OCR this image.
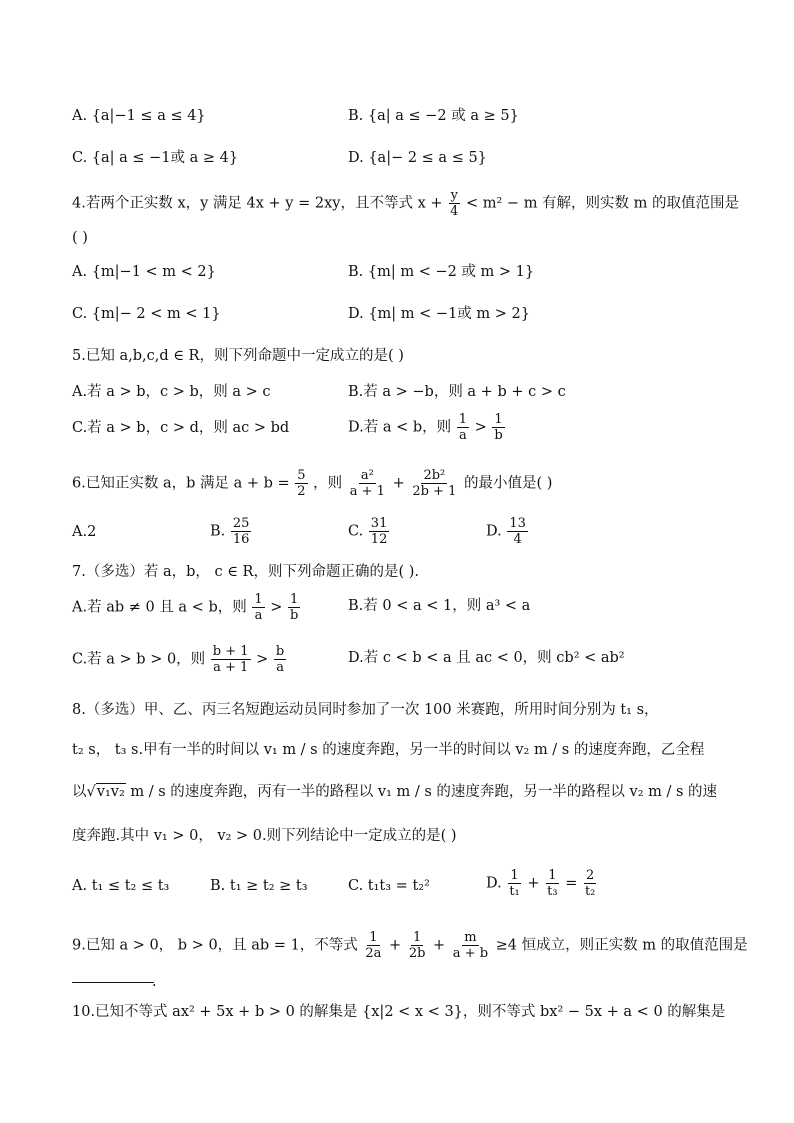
A. {a|−1 ≤ a ≤ 4}	B. {a| a ≤ −2 或 a ≥ 5}
C. {a| a ≤ −1或 a ≥ 4}	D. {a|− 2 ≤ a ≤ 5}
4.若两个正实数 x，y 满足 4x + y = 2xy，且不等式 $x + \frac{y}{4} < m^2 - m$ 有解，则实数 m 的取值范围是
( )
A. {m|−1 < m < 2}	B. {m| m < −2 或 m > 1}
C. {m|− 2 < m < 1}	D. {m| m < −1或 m > 2}
5.已知 a,b,c,d ∈ R，则下列命题中一定成立的是( )
A.若 a > b，c > b，则 a > c	B.若 a > −b，则 a + b + c > c
C.若 a > b，c > d，则 ac > bd	D.若 a < b，则 $\frac{1}{a} > \frac{1}{b}$
6.已知正实数 a，b 满足 $a + b = \frac{5}{2}$ ，则 $\frac{\text{a²}}{a + 1} + \frac{\text{2b²}}{2b + 1}$ 的最小值是( )
A.2	B. $\frac{25}{16}$	C. $\frac{31}{12}$	D. $\frac{13}{4}$
7.（多选）若 a，b， c ∈ R，则下列命题正确的是( ).
A.若 ab ≠ 0 且 a < b，则 $\frac{1}{a} > \frac{1}{b}$	B.若 0 < a < 1，则 a³ < a
C.若 a > b > 0，则 $\frac{b + 1}{a + 1} > \frac{b}{a}$	D.若 c < b < a 且 ac < 0，则 cb² < ab²
8.（多选）甲、乙、丙三名短跑运动员同时参加了一次 100 米赛跑，所用时间分别为 t₁ s，
t₂ s， t₃ s.甲有一半的时间以 v₁ m / s 的速度奔跑，另一半的时间以 v₂ m / s 的速度奔跑，乙全程
以√v₁v₂ m / s 的速度奔跑，丙有一半的路程以 v₁ m / s 的速度奔跑，另一半的路程以 v₂ m / s 的速
度奔跑.其中 v₁ > 0， v₂ > 0.则下列结论中一定成立的是( )
A. t₁ ≤ t₂ ≤ t₃	B. t₁ ≥ t₂ ≥ t₃	C. t₁t₃ = t₂²	D. $\frac{1}{\text{t₁}} + \frac{1}{\text{t₃}} = \frac{2}{\text{t₂}}$
9.已知 a > 0， b > 0，且 ab = 1，不等式 $\frac{1}{2a} + \frac{1}{2b} + \frac{m}{a + b} \ge 4$ 恒成立，则正实数 m 的取值范围是
.
10.已知不等式 ax² + 5x + b > 0 的解集是 {x|2 < x < 3}，则不等式 bx² − 5x + a < 0 的解集是
